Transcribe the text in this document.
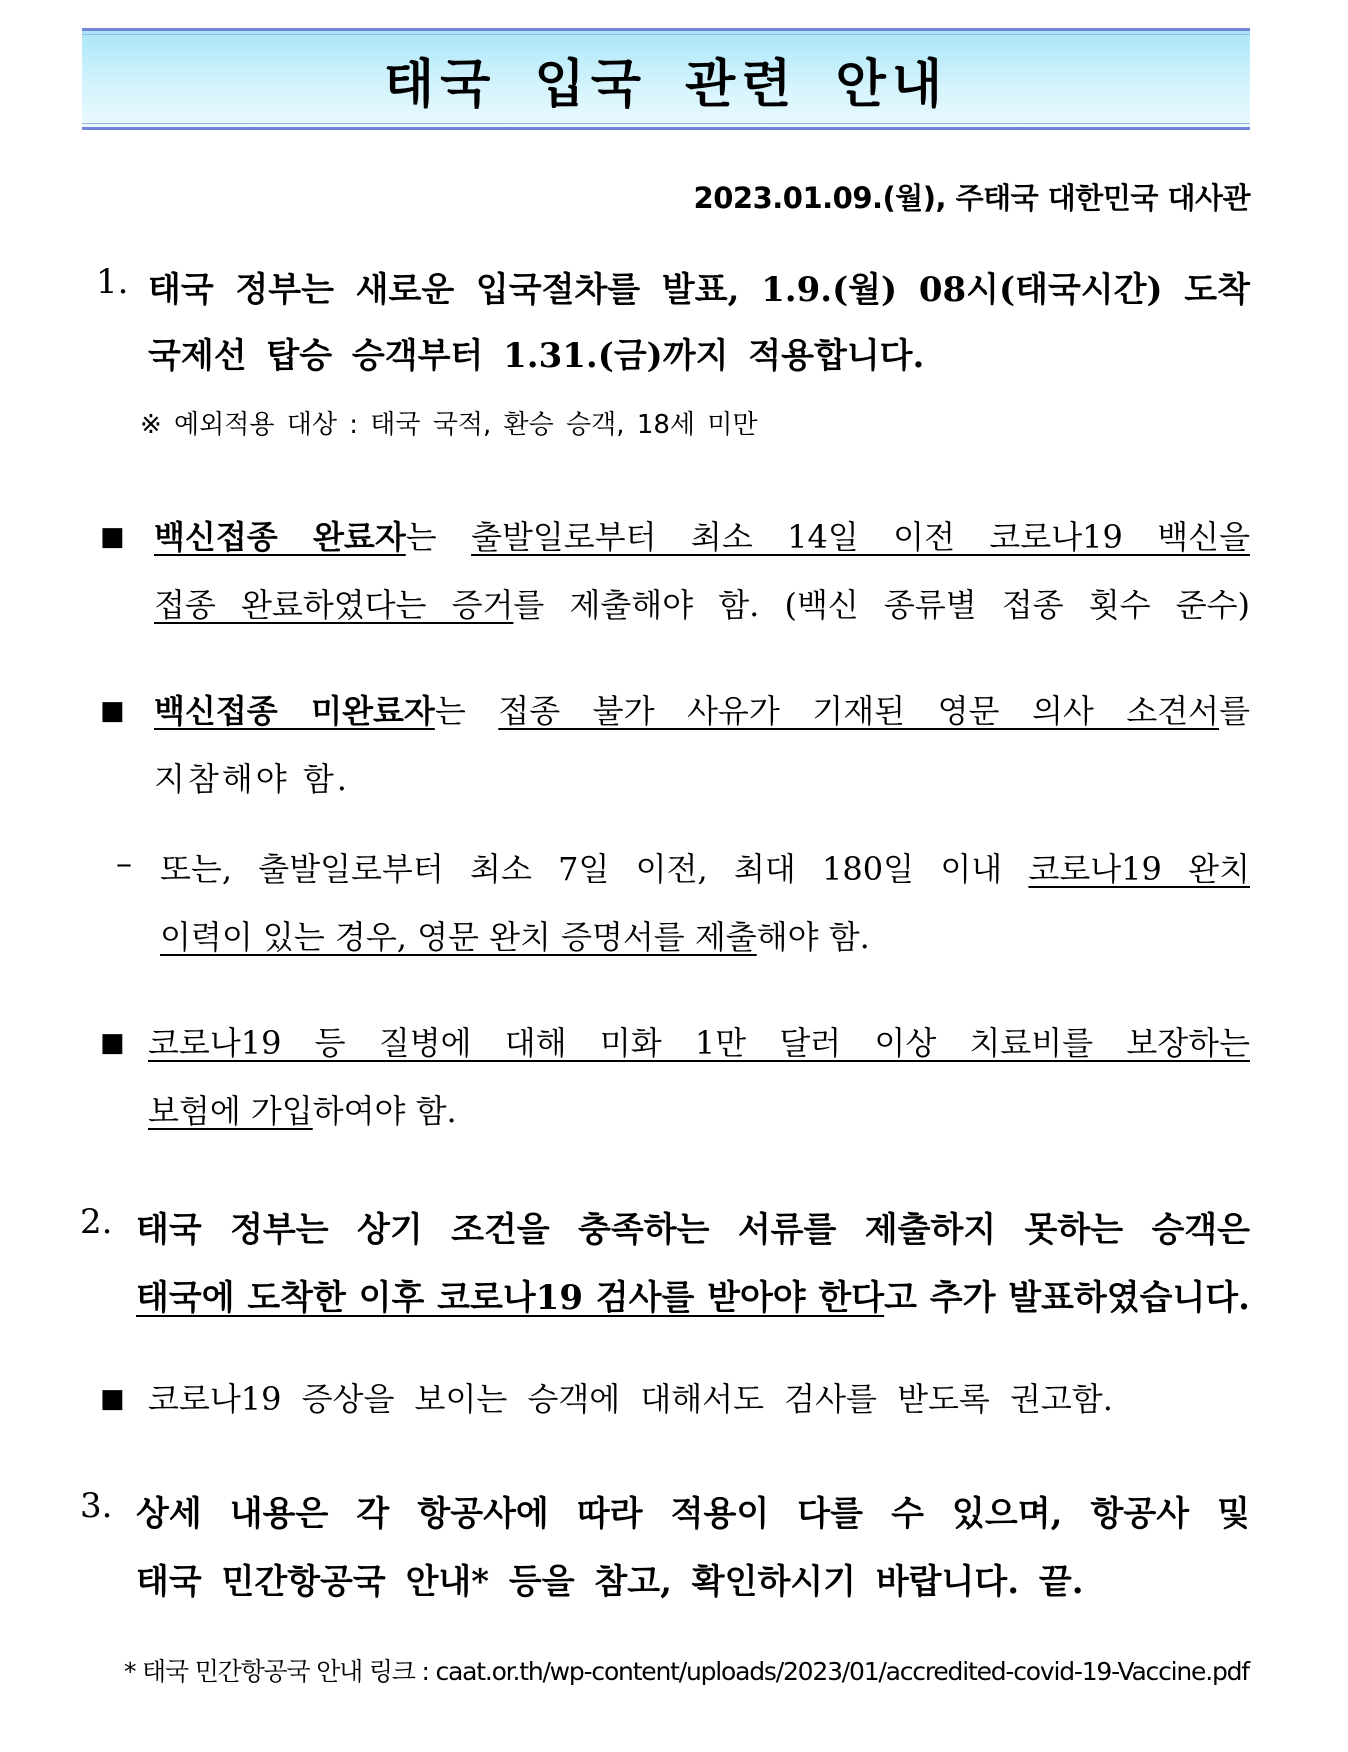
태국 입국 관련 안내
2023.01.09.(월), 주태국 대한민국 대사관
1. 태국 정부는 새로운 입국절차를 발표, 1.9.(월) 08시(태국시간) 도착
국제선 탑승 승객부터 1.31.(금)까지 적용합니다.
※ 예외적용 대상 : 태국 국적, 환승 승객, 18세 미만
■ 백신접종 완료자는 출발일로부터 최소 14일 이전 코로나19 백신을
접종 완료하였다는 증거를 제출해야 함. (백신 종류별 접종 횟수 준수)
■ 백신접종 미완료자는 접종 불가 사유가 기재된 영문 의사 소견서를
지참해야 함.
– 또는, 출발일로부터 최소 7일 이전, 최대 180일 이내 코로나19 완치
이력이 있는 경우, 영문 완치 증명서를 제출해야 함.
■ 코로나19 등 질병에 대해 미화 1만 달러 이상 치료비를 보장하는
보험에 가입하여야 함.
2. 태국 정부는 상기 조건을 충족하는 서류를 제출하지 못하는 승객은
태국에 도착한 이후 코로나19 검사를 받아야 한다고 추가 발표하였습니다.
■ 코로나19 증상을 보이는 승객에 대해서도 검사를 받도록 권고함.
3. 상세 내용은 각 항공사에 따라 적용이 다를 수 있으며, 항공사 및
태국 민간항공국 안내* 등을 참고, 확인하시기 바랍니다. 끝.
* 태국 민간항공국 안내 링크 : caat.or.th/wp-content/uploads/2023/01/accredited-covid-19-Vaccine.pdf
